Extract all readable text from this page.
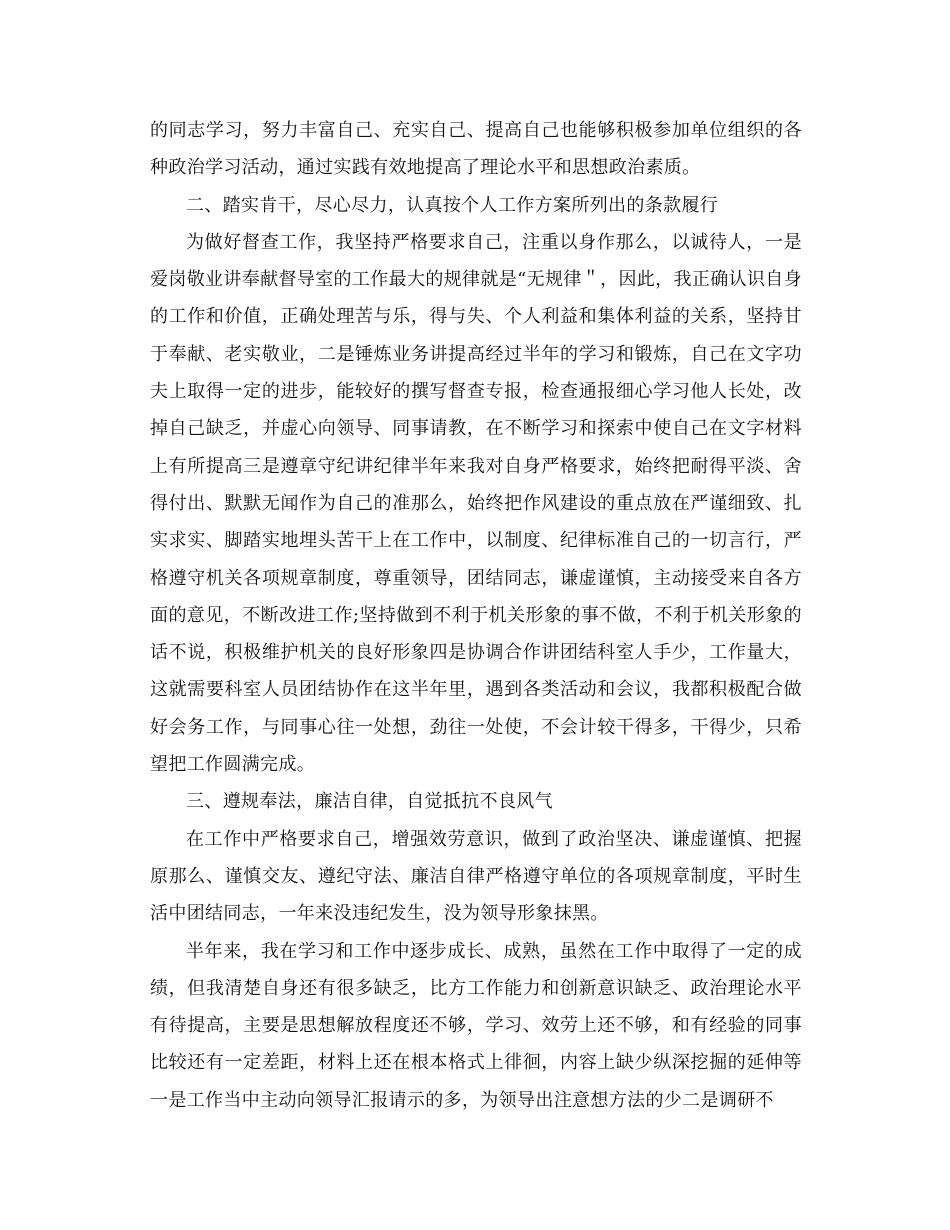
的同志学习，努力丰富自己、充实自己、提高自己也能够积极参加单位组织的各种政治学习活动，通过实践有效地提高了理论水平和思想政治素质。

二、踏实肯干，尽心尽力，认真按个人工作方案所列出的条款履行

为做好督查工作，我坚持严格要求自己，注重以身作那么，以诚待人，一是爱岗敬业讲奉献督导室的工作最大的规律就是“无规律＂，因此，我正确认识自身的工作和价值，正确处理苦与乐，得与失、个人利益和集体利益的关系，坚持甘于奉献、老实敬业，二是锤炼业务讲提高经过半年的学习和锻炼，自己在文字功夫上取得一定的进步，能较好的撰写督查专报，检查通报细心学习他人长处，改掉自己缺乏，并虚心向领导、同事请教，在不断学习和探索中使自己在文字材料上有所提高三是遵章守纪讲纪律半年来我对自身严格要求，始终把耐得平淡、舍得付出、默默无闻作为自己的准那么，始终把作风建设的重点放在严谨细致、扎实求实、脚踏实地埋头苦干上在工作中，以制度、纪律标准自己的一切言行，严格遵守机关各项规章制度，尊重领导，团结同志，谦虚谨慎，主动接受来自各方面的意见，不断改进工作;坚持做到不利于机关形象的事不做，不利于机关形象的话不说，积极维护机关的良好形象四是协调合作讲团结科室人手少，工作量大，这就需要科室人员团结协作在这半年里，遇到各类活动和会议，我都积极配合做好会务工作，与同事心往一处想，劲往一处使，不会计较干得多，干得少，只希望把工作圆满完成。

三、遵规奉法，廉洁自律，自觉抵抗不良风气

在工作中严格要求自己，增强效劳意识，做到了政治坚决、谦虚谨慎、把握原那么、谨慎交友、遵纪守法、廉洁自律严格遵守单位的各项规章制度，平时生活中团结同志，一年来没违纪发生，没为领导形象抹黑。

半年来，我在学习和工作中逐步成长、成熟，虽然在工作中取得了一定的成绩，但我清楚自身还有很多缺乏，比方工作能力和创新意识缺乏、政治理论水平有待提高，主要是思想解放程度还不够，学习、效劳上还不够，和有经验的同事比较还有一定差距，材料上还在根本格式上徘徊，内容上缺少纵深挖掘的延伸等一是工作当中主动向领导汇报请示的多，为领导出注意想方法的少二是调研不
